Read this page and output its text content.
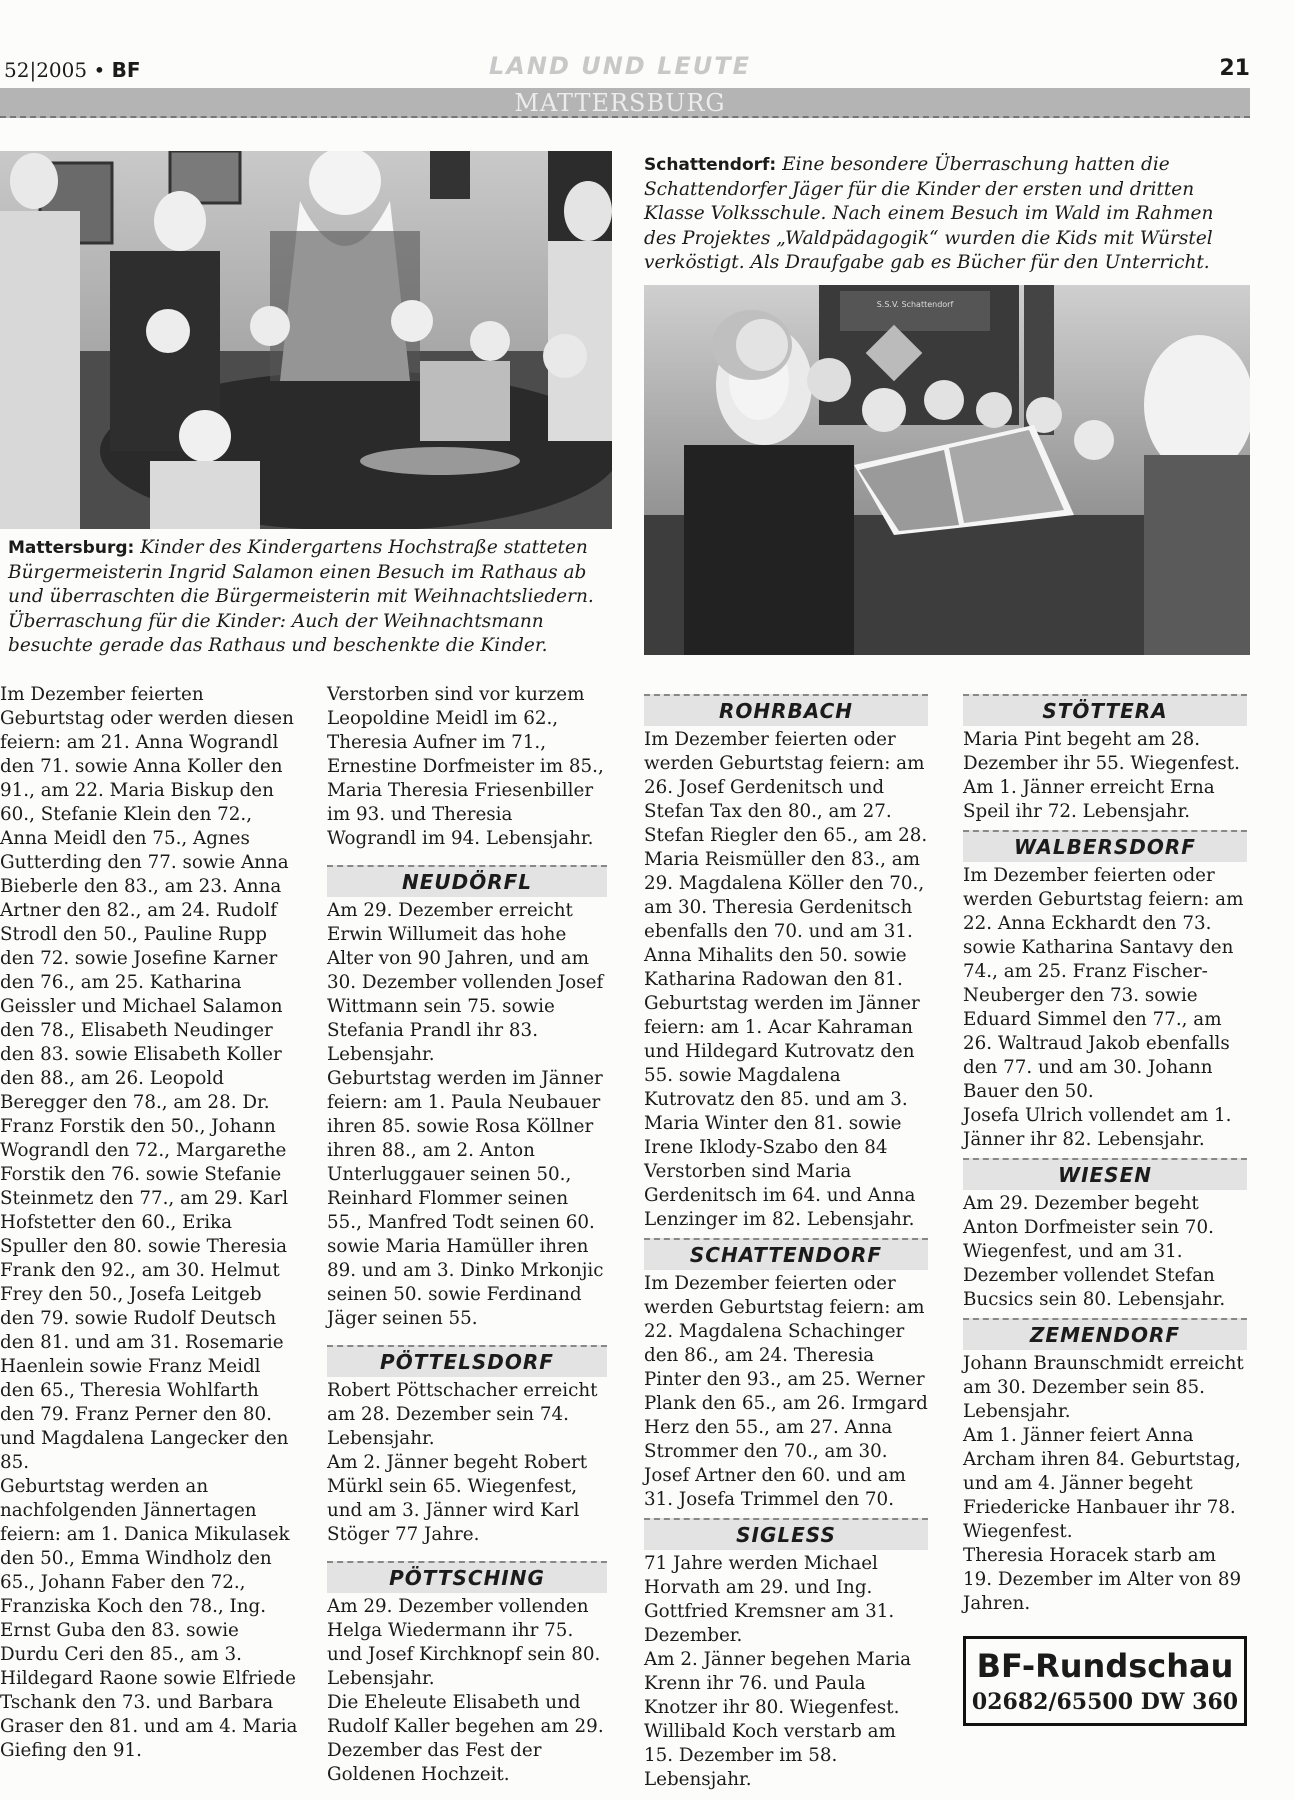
52|2005 • BF	LAND UND LEUTE	21
MATTERSBURG

Mattersburg: Kinder des Kindergartens Hochstraße statteten Bürgermeisterin Ingrid Salamon einen Besuch im Rathaus ab und überraschten die Bürgermeisterin mit Weihnachtsliedern. Überraschung für die Kinder: Auch der Weihnachtsmann besuchte gerade das Rathaus und beschenkte die Kinder.

Schattendorf: Eine besondere Überraschung hatten die Schattendorfer Jäger für die Kinder der ersten und dritten Klasse Volksschule. Nach einem Besuch im Wald im Rahmen des Projektes „Waldpädagogik“ wurden die Kids mit Würstel verköstigt. Als Draufgabe gab es Bücher für den Unterricht.

S.S.V. Schattendorf

Im Dezember feierten Geburtstag oder werden diesen feiern: am 21. Anna Wograndl den 71. sowie Anna Koller den 91., am 22. Maria Biskup den 60., Stefanie Klein den 72., Anna Meidl den 75., Agnes Gutterding den 77. sowie Anna Bieberle den 83., am 23. Anna Artner den 82., am 24. Rudolf Strodl den 50., Pauline Rupp den 72. sowie Josefine Karner den 76., am 25. Katharina Geissler und Michael Salamon den 78., Elisabeth Neudinger den 83. sowie Elisabeth Koller den 88., am 26. Leopold Beregger den 78., am 28. Dr. Franz Forstik den 50., Johann Wograndl den 72., Margarethe Forstik den 76. sowie Stefanie Steinmetz den 77., am 29. Karl Hofstetter den 60., Erika Spuller den 80. sowie Theresia Frank den 92., am 30. Helmut Frey den 50., Josefa Leitgeb den 79. sowie Rudolf Deutsch den 81. und am 31. Rosemarie Haenlein sowie Franz Meidl den 65., Theresia Wohlfarth den 79. Franz Perner den 80. und Magdalena Langecker den 85.

Geburtstag werden an nachfolgenden Jännertagen feiern: am 1. Danica Mikulasek den 50., Emma Windholz den 65., Johann Faber den 72., Franziska Koch den 78., Ing. Ernst Guba den 83. sowie Durdu Ceri den 85., am 3. Hildegard Raone sowie Elfriede Tschank den 73. und Barbara Graser den 81. und am 4. Maria Giefing den 91.

Verstorben sind vor kurzem Leopoldine Meidl im 62., Theresia Aufner im 71., Ernestine Dorfmeister im 85., Maria Theresia Friesenbiller im 93. und Theresia Wograndl im 94. Lebensjahr.

NEUDÖRFL

Am 29. Dezember erreicht Erwin Willumeit das hohe Alter von 90 Jahren, und am 30. Dezember vollenden Josef Wittmann sein 75. sowie Stefania Prandl ihr 83. Lebensjahr.

Geburtstag werden im Jänner feiern: am 1. Paula Neubauer ihren 85. sowie Rosa Köllner ihren 88., am 2. Anton Unterluggauer seinen 50., Reinhard Flommer seinen 55., Manfred Todt seinen 60. sowie Maria Hamüller ihren 89. und am 3. Dinko Mrkonjic seinen 50. sowie Ferdinand Jäger seinen 55.

PÖTTELSDORF

Robert Pöttschacher erreicht am 28. Dezember sein 74. Lebensjahr.

Am 2. Jänner begeht Robert Mürkl sein 65. Wiegenfest, und am 3. Jänner wird Karl Stöger 77 Jahre.

PÖTTSCHING

Am 29. Dezember vollenden Helga Wiedermann ihr 75. und Josef Kirchknopf sein 80. Lebensjahr.

Die Eheleute Elisabeth und Rudolf Kaller begehen am 29. Dezember das Fest der Goldenen Hochzeit.

ROHRBACH

Im Dezember feierten oder werden Geburtstag feiern: am 26. Josef Gerdenitsch und Stefan Tax den 80., am 27. Stefan Riegler den 65., am 28. Maria Reismüller den 83., am 29. Magdalena Köller den 70., am 30. Theresia Gerdenitsch ebenfalls den 70. und am 31. Anna Mihalits den 50. sowie Katharina Radowan den 81.

Geburtstag werden im Jänner feiern: am 1. Acar Kahraman und Hildegard Kutrovatz den 55. sowie Magdalena Kutrovatz den 85. und am 3. Maria Winter den 81. sowie Irene Iklody-Szabo den 84

Verstorben sind Maria Gerdenitsch im 64. und Anna Lenzinger im 82. Lebensjahr.

SCHATTENDORF

Im Dezember feierten oder werden Geburtstag feiern: am 22. Magdalena Schachinger den 86., am 24. Theresia Pinter den 93., am 25. Werner Plank den 65., am 26. Irmgard Herz den 55., am 27. Anna Strommer den 70., am 30. Josef Artner den 60. und am 31. Josefa Trimmel den 70.

SIGLESS

71 Jahre werden Michael Horvath am 29. und Ing. Gottfried Kremsner am 31. Dezember.

Am 2. Jänner begehen Maria Krenn ihr 76. und Paula Knotzer ihr 80. Wiegenfest.

Willibald Koch verstarb am 15. Dezember im 58. Lebensjahr.

STÖTTERA

Maria Pint begeht am 28. Dezember ihr 55. Wiegenfest.

Am 1. Jänner erreicht Erna Speil ihr 72. Lebensjahr.

WALBERSDORF

Im Dezember feierten oder werden Geburtstag feiern: am 22. Anna Eckhardt den 73. sowie Katharina Santavy den 74., am 25. Franz Fischer-Neuberger den 73. sowie Eduard Simmel den 77., am 26. Waltraud Jakob ebenfalls den 77. und am 30. Johann Bauer den 50.

Josefa Ulrich vollendet am 1. Jänner ihr 82. Lebensjahr.

WIESEN

Am 29. Dezember begeht Anton Dorfmeister sein 70. Wiegenfest, und am 31. Dezember vollendet Stefan Bucsics sein 80. Lebensjahr.

ZEMENDORF

Johann Braunschmidt erreicht am 30. Dezember sein 85. Lebensjahr.

Am 1. Jänner feiert Anna Archam ihren 84. Geburtstag, und am 4. Jänner begeht Friedericke Hanbauer ihr 78. Wiegenfest.

Theresia Horacek starb am 19. Dezember im Alter von 89 Jahren.

BF-Rundschau
02682/65500 DW 360
